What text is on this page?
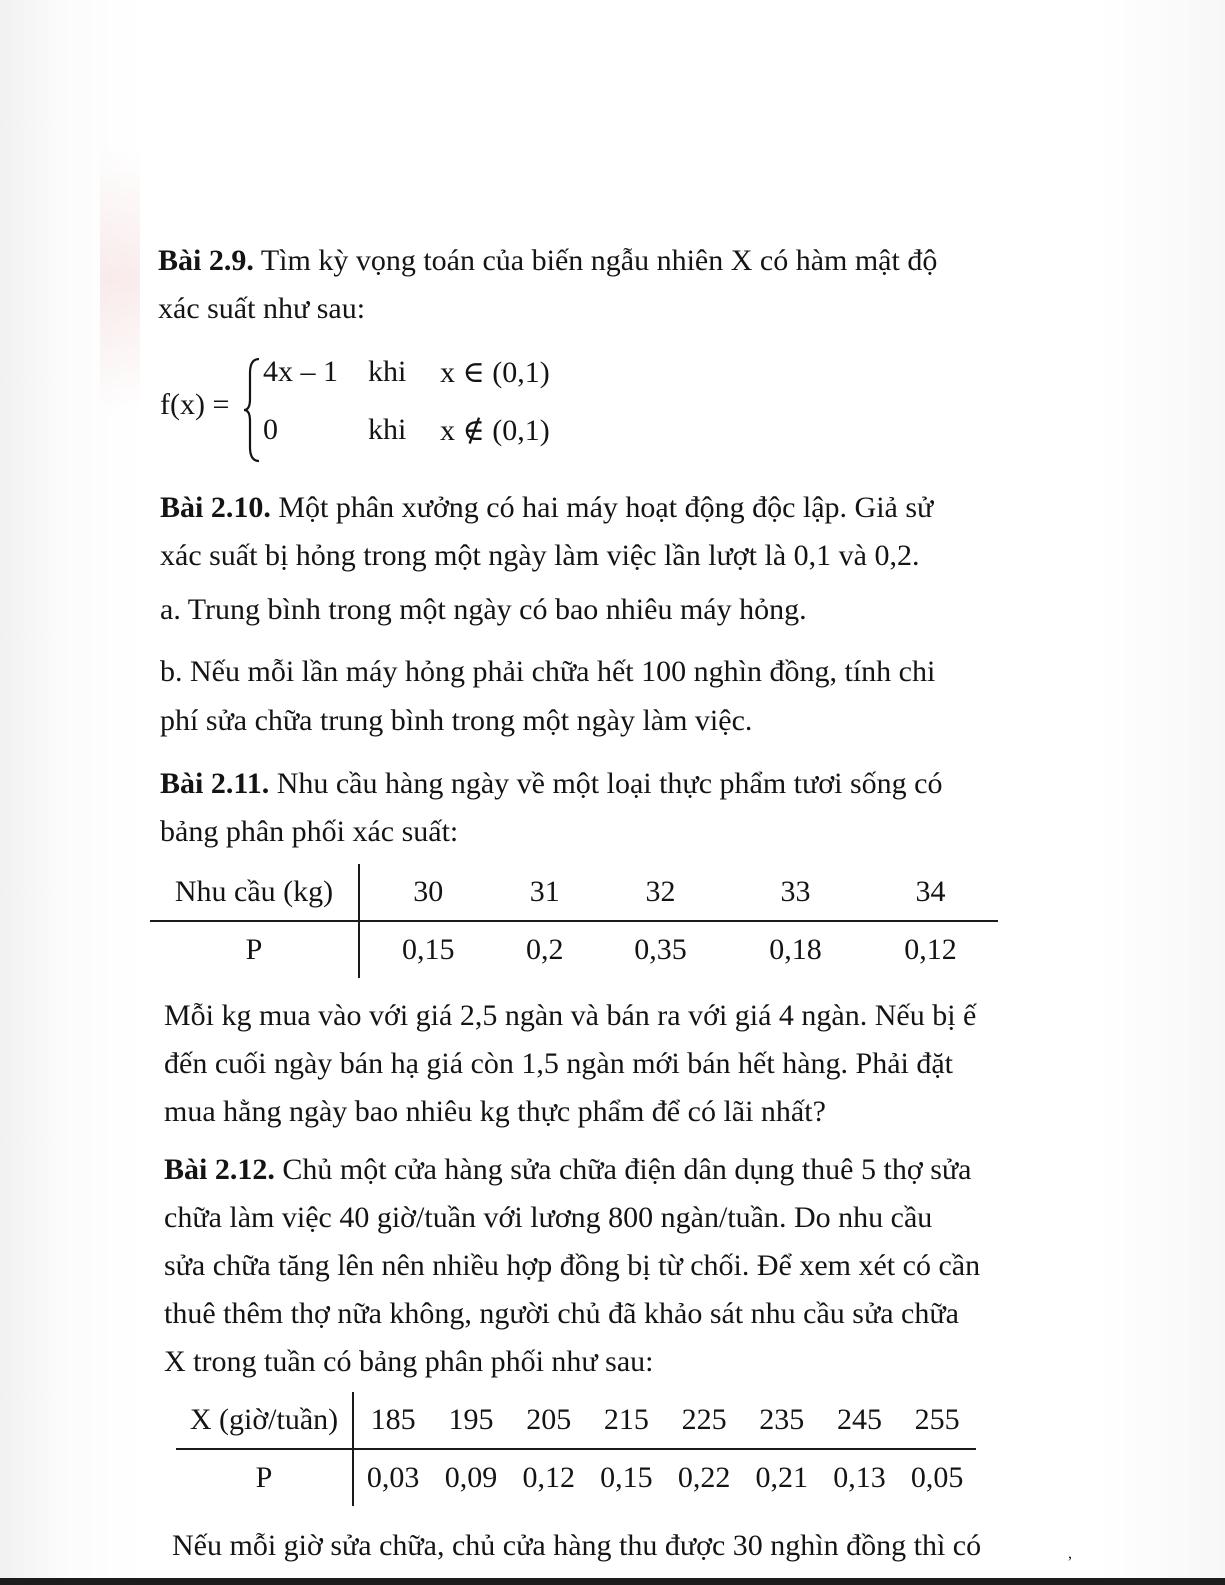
Bài 2.9. Tìm kỳ vọng toán của biến ngẫu nhiên X có hàm mật độ

xác suất như sau:

f(x) =
4x – 1 khi x ∈ (0,1)
0	khi x ∉ (0,1)

Bài 2.10. Một phân xưởng có hai máy hoạt động độc lập. Giả sử

xác suất bị hỏng trong một ngày làm việc lần lượt là 0,1 và 0,2.

a. Trung bình trong một ngày có bao nhiêu máy hỏng.

b. Nếu mỗi lần máy hỏng phải chữa hết 100 nghìn đồng, tính chi

phí sửa chữa trung bình trong một ngày làm việc.

Bài 2.11. Nhu cầu hàng ngày về một loại thực phẩm tươi sống có

bảng phân phối xác suất:

Nhu cầu (kg)	30	31	32	33	34
P	0,15	0,2	0,35	0,18	0,12

Mỗi kg mua vào với giá 2,5 ngàn và bán ra với giá 4 ngàn. Nếu bị ế

đến cuối ngày bán hạ giá còn 1,5 ngàn mới bán hết hàng. Phải đặt

mua hằng ngày bao nhiêu kg thực phẩm để có lãi nhất?

Bài 2.12. Chủ một cửa hàng sửa chữa điện dân dụng thuê 5 thợ sửa

chữa làm việc 40 giờ/tuần với lương 800 ngàn/tuần. Do nhu cầu

sửa chữa tăng lên nên nhiều hợp đồng bị từ chối. Để xem xét có cần

thuê thêm thợ nữa không, người chủ đã khảo sát nhu cầu sửa chữa

X trong tuần có bảng phân phối như sau:

X (giờ/tuần)	185	195	205	215	225	235	245	255
P	0,03	0,09	0,12	0,15	0,22	0,21	0,13	0,05

Nếu mỗi giờ sửa chữa, chủ cửa hàng thu được 30 nghìn đồng thì có	,
